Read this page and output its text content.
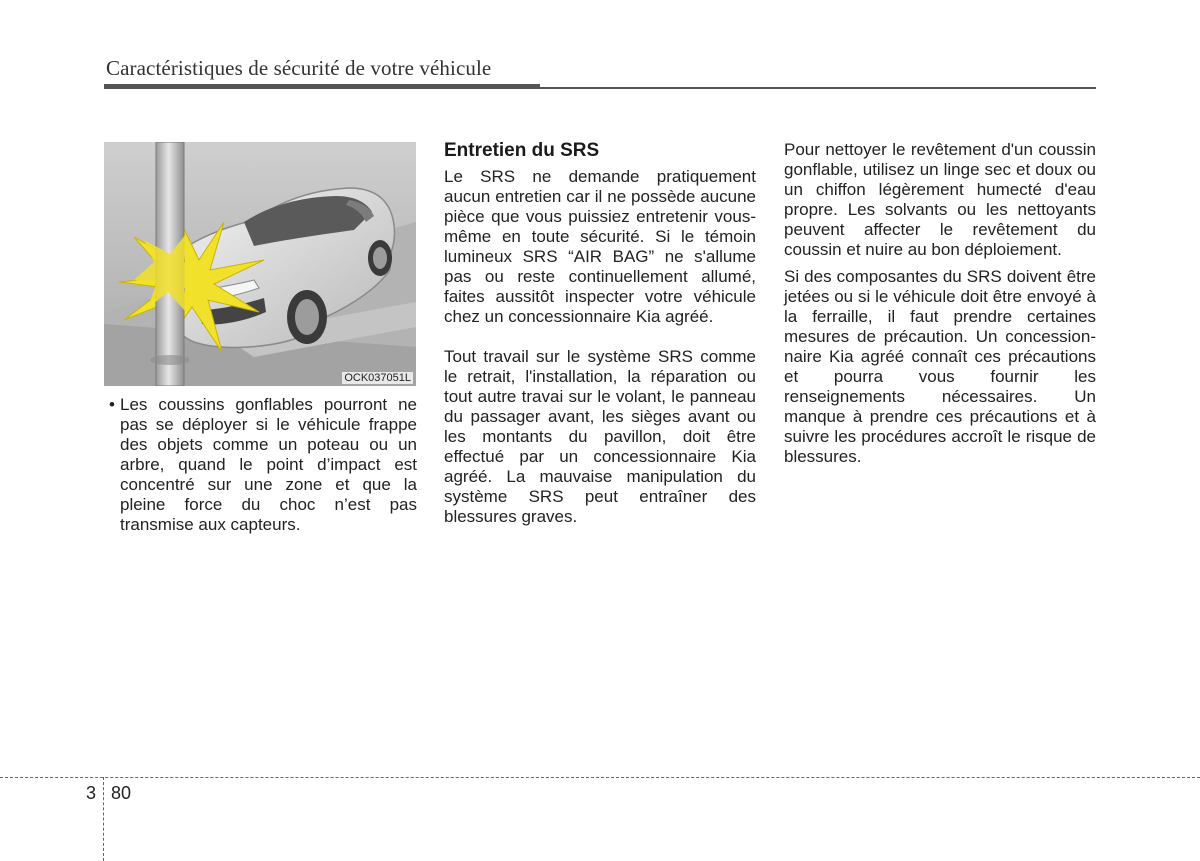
Caractéristiques de sécurité de votre véhicule
OCK037051L
• Les coussins gonflables pourront ne pas se déployer si le véhicule frappe des objets comme un poteau ou un arbre, quand le point d’impact est concentré sur une zone et que la pleine force du choc n’est pas transmise aux capteurs.
Entretien du SRS

Le SRS ne demande pratiquement aucun entretien car il ne possède aucune pièce que vous puissiez entretenir vous-même en toute sécurité. Si le témoin lumineux SRS “AIR BAG” ne s'allume pas ou reste continuellement allumé, faites aussitôt inspecter votre véhicule chez un concessionnaire Kia agréé.

Tout travail sur le système SRS comme le retrait, l'installation, la réparation ou tout autre travai sur le volant, le panneau du passager avant, les sièges avant ou les montants du pavillon, doit être effectué par un concessionnaire Kia agréé. La mauvaise manipulation du système SRS peut entraîner des blessures graves.

Pour nettoyer le revêtement d'un coussin gonflable, utilisez un linge sec et doux ou un chiffon légèrement humecté d'eau propre. Les solvants ou les nettoyants peuvent affecter le revêtement du coussin et nuire au bon déploiement.

Si des composantes du SRS doivent être jetées ou si le véhicule doit être envoyé à la ferraille, il faut prendre certaines mesures de précaution. Un concession-naire Kia agréé connaît ces précautions et pourra vous fournir les renseignements nécessaires. Un manque à prendre ces précautions et à suivre les procédures accroît le risque de blessures.

3 80
